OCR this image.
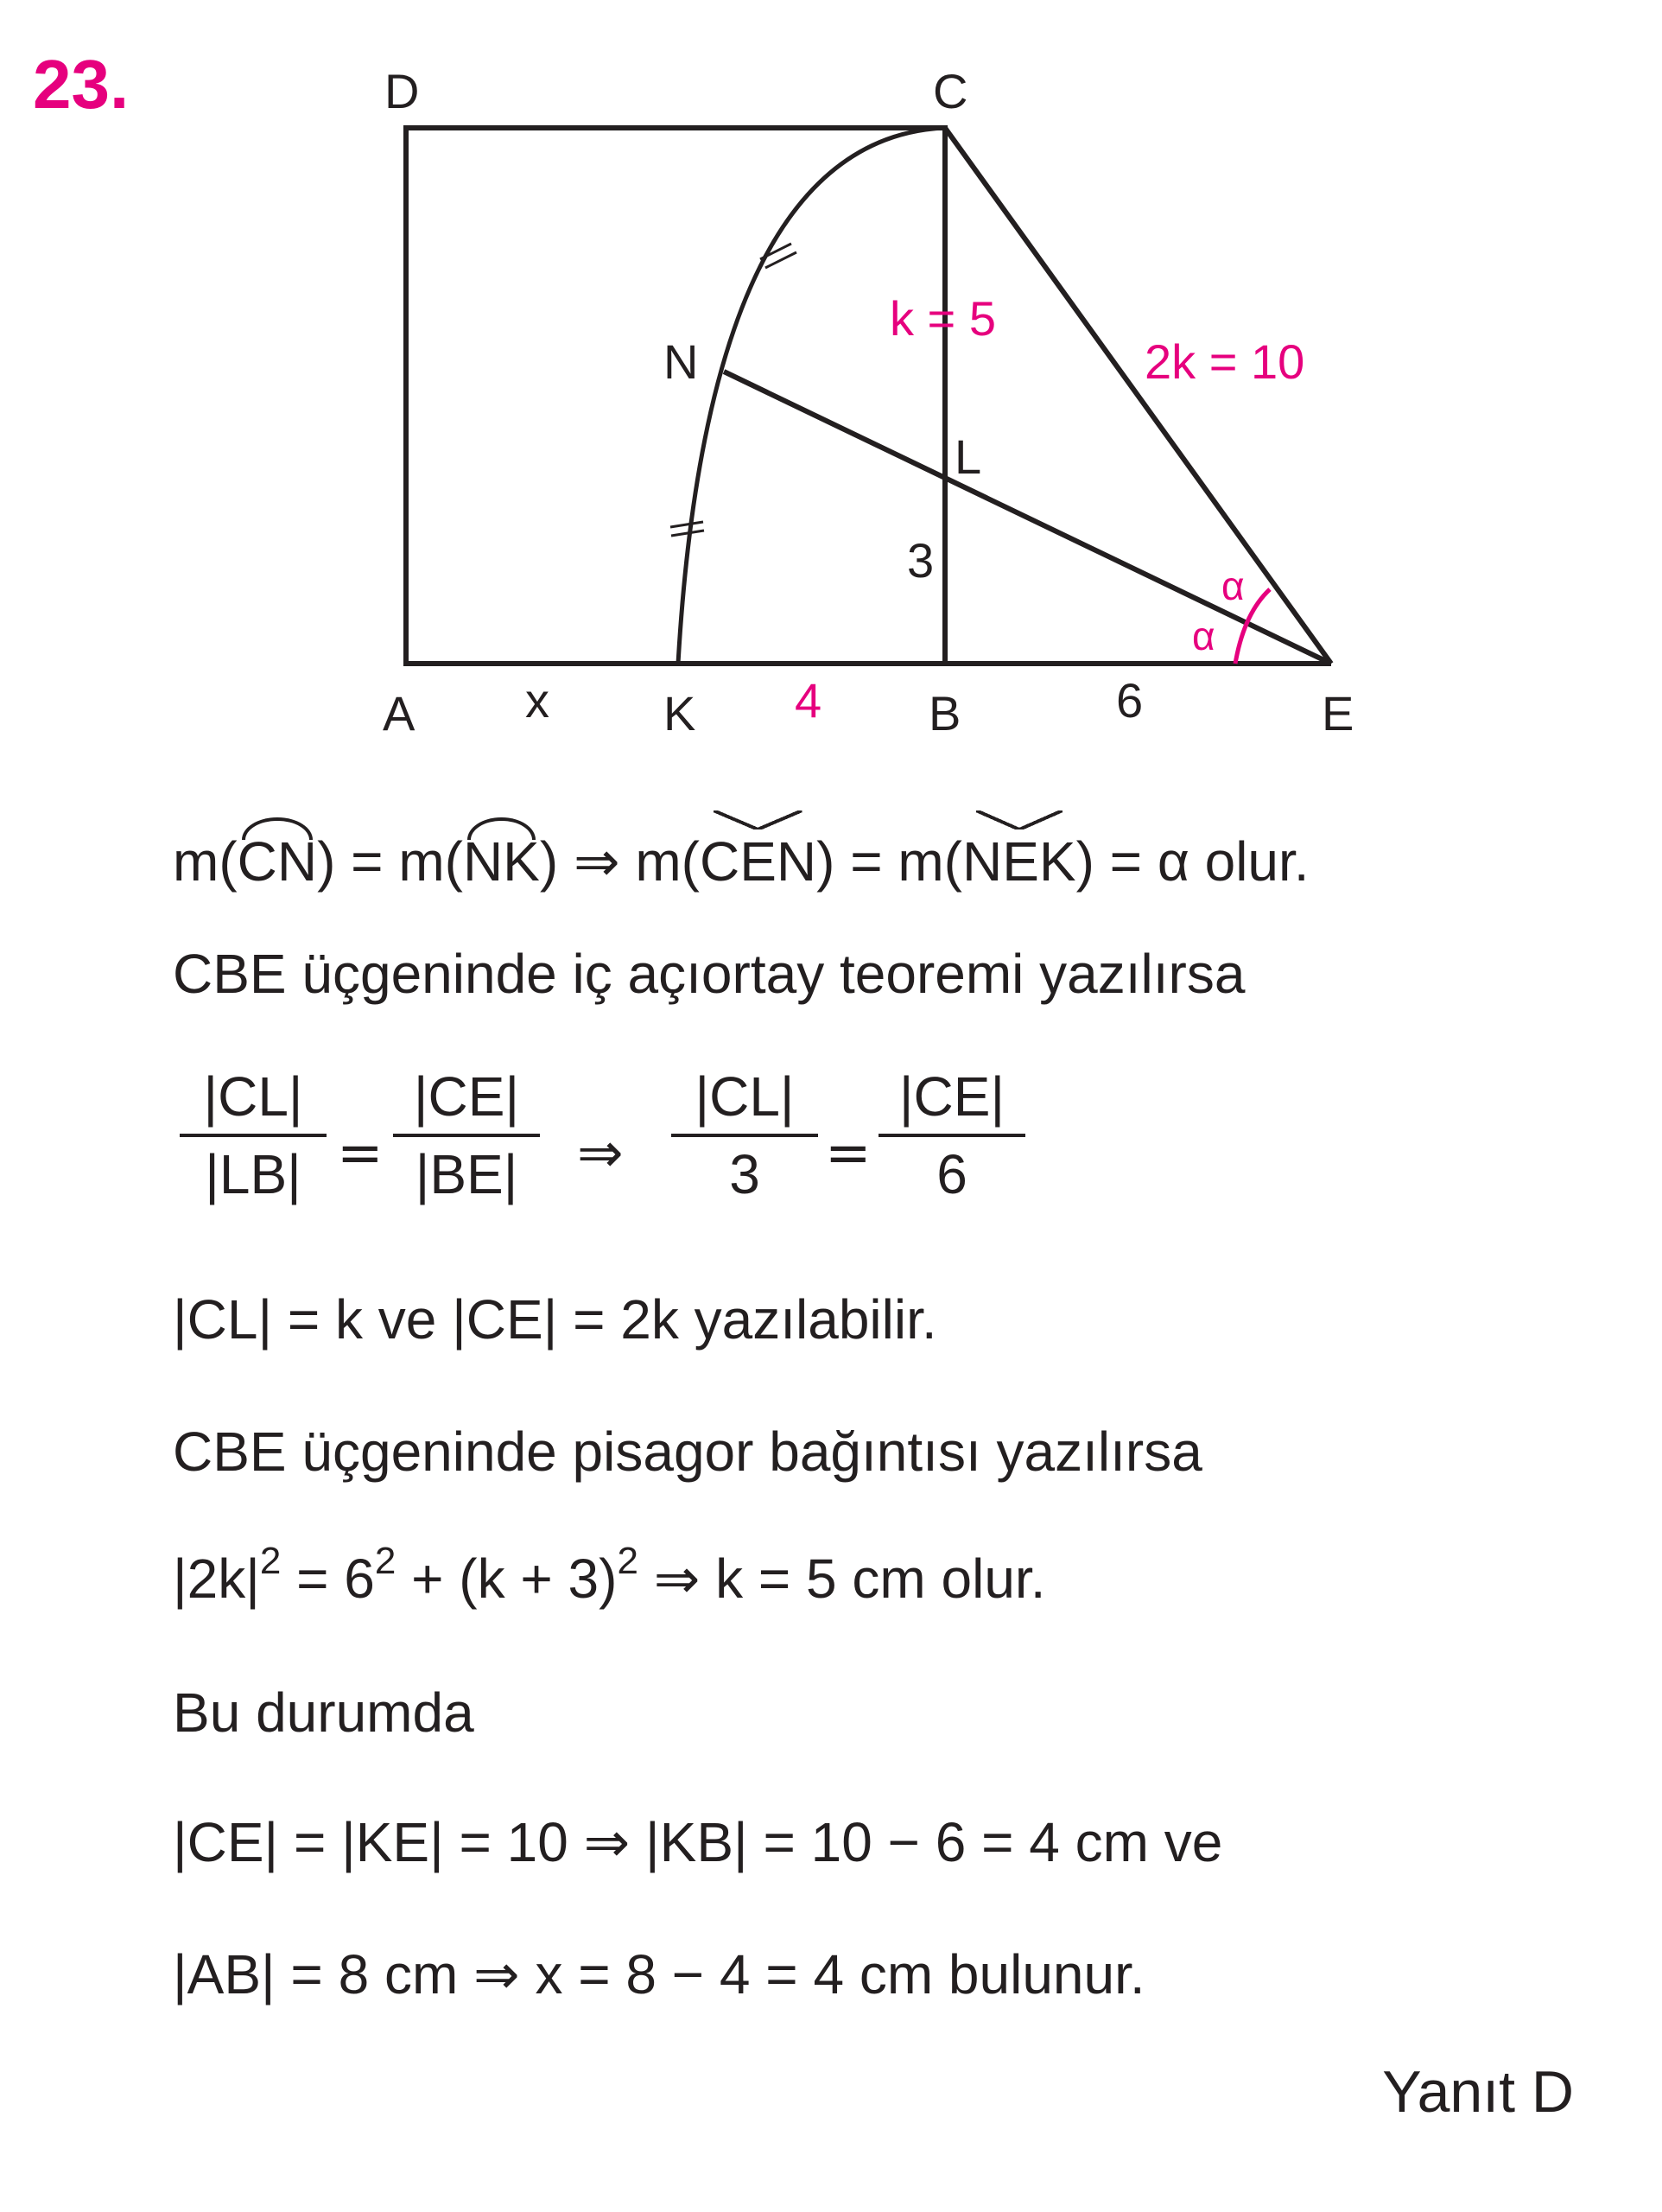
23.	D	C
N
L
A	K	B	E
x	4	6
3
k = 5
2k = 10
α
α
m(CN) = m(NK) ⇒ m(CEN) = m(NEK) = α olur.
CBE üçgeninde iç açıortay teoremi yazılırsa
|CL|
|LB| =
|CE|
|BE|	⇒
|CL|
3	=
|CE|
6
|CL| = k ve |CE| = 2k yazılabilir.
CBE üçgeninde pisagor bağıntısı yazılırsa
$|2k|^2 = 6^2 + (k + 3)^2$ ⇒ k = 5 cm olur.
Bu durumda
|CE| = |KE| = 10 ⇒ |KB| = 10 − 6 = 4 cm ve
|AB| = 8 cm ⇒ x = 8 − 4 = 4 cm bulunur.
Yanıt D
